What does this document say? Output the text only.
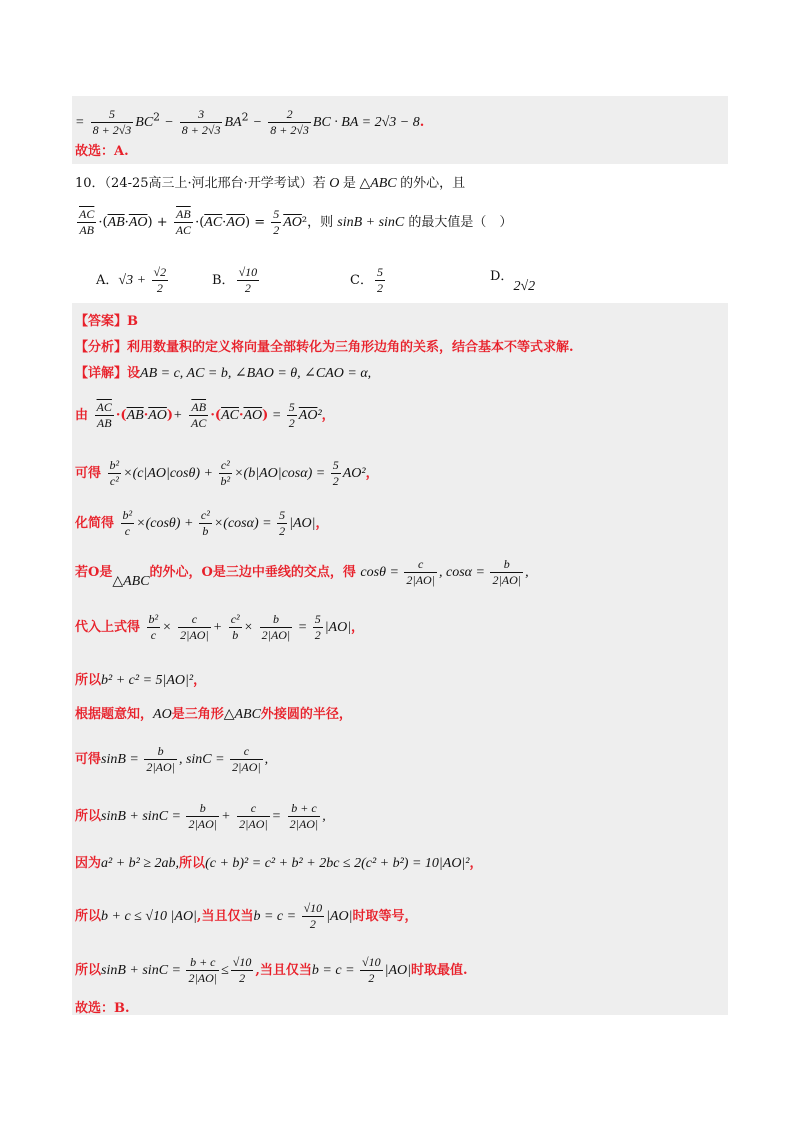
= $\frac{5}{8 + 2√3} BC^2 - \frac{3}{8 + 2√3} BA^2 - \frac{2}{8 + 2√3}$ BC · BA = 2√3 − 8.
故选：A.
10．（24-25高三上·河北邢台·开学考试）若 O 是 △ABC 的外心，且
$\frac{\overline{AC}}{AB} \cdot(\overline{AB}\cdot\overline{AO}) + \frac{\overline{AB}}{AC} \cdot(\overline{AC}\cdot\overline{AO}) = \frac{5}{2} \overline{AO}^2$，则 sinB + sinC 的最大值是（　）
A．$√3 + \frac{√2}{2}$	B． $\frac{√10}{2}$	C． $\frac{5}{2}$	D．2√2
【答案】B
【分析】利用数量积的定义将向量全部转化为三角形边角的关系，结合基本不等式求解.
【详解】设AB = c, AC = b, ∠BAO = θ, ∠CAO = α,
由 $\frac{\overline{AC}}{AB} \cdot(\overline{AB}\cdot\overline{AO})+ \frac{\overline{AB}}{AC} \cdot(\overline{AC}\cdot\overline{AO}) = \frac{5}{2} \overline{AO}^2$，
可得 $\frac{\text{b²}}{\text{c²}} \times(c|AO|\cos\theta) + \frac{\text{c²}}{\text{b²}} \times(b|AO|\cos\alpha) = \frac{5}{2} AO^2$，
化简得 $\frac{\text{b²}}{c} \times(\cos\theta) + \frac{\text{c²}}{b} \times(\cos\alpha) = \frac{5}{2} |AO|$，
若O是△ABC的外心，O是三边中垂线的交点，得 $\cos\theta = \frac{c}{2|AO|}$ , $\cos\alpha = \frac{b}{2|AO|}$ ,
代入上式得 $\frac{\text{b²}}{c} \times \frac{c}{2|AO|} + \frac{\text{c²}}{b} \times \frac{b}{2|AO|} = \frac{5}{2} |AO|$，
所以b² + c² = 5|AO|²，
根据题意知，AO是三角形△ABC外接圆的半径，
可得$\sin B = \frac{b}{2|AO|}$ , $\sin C = \frac{c}{2|AO|}$ ,
所以$\sin B + \sin C = \frac{b}{2|AO|} + \frac{c}{2|AO|} = \frac{b + c}{2|AO|}$ ,
因为a² + b² ≥ 2ab,所以(c + b)² = c² + b² + 2bc ≤ 2(c² + b²) = 10|AO|²，
所以b + c ≤ √10 |AO|,当且仅当$b = c = \frac{√10}{2} |AO|$时取等号，
所以$\sin B + \sin C = \frac{b + c}{2|AO|} \le \frac{√10}{2}$ ,当且仅当$b = c = \frac{√10}{2} |AO|$时取最值.
故选：B.
